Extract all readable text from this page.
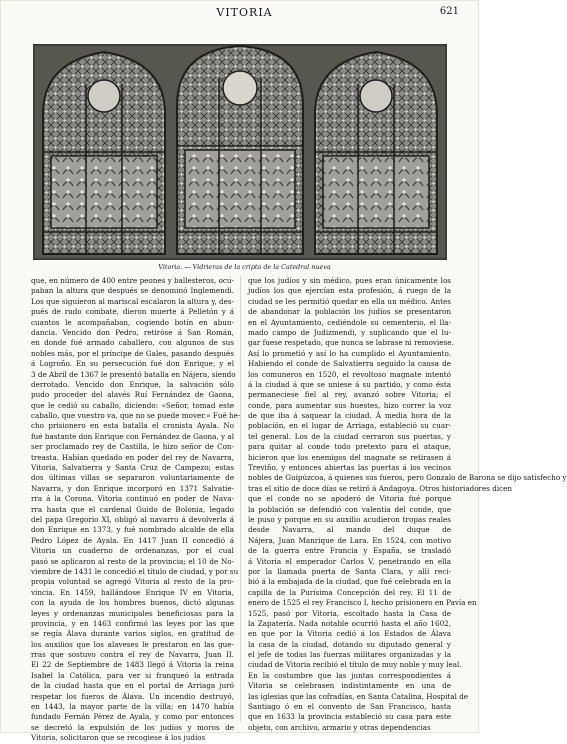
VITORIA	621
Vitoria. — Vidrieras de la cripta de la Catedral nueva
que, en número de 400 entre peones y ballesteros, ocu-
paban la altura que después se denominó Inglemendi.
Los que siguieron al mariscal escalaron la altura y, des-
pués de rudo combate, dieron muerte á Pelletón y á
cuantos le acompañaban, cogiendo botín en abun-
dancia. Vencido don Pedro, retiróse á San Román,
en donde fué armado caballero, con algunos de sus
nobles más, por el príncipe de Gales, pasando después
á Logroño. En su persecución fué don Enrique, y el
3 de Abril de 1367 le presentó batalla en Nájera, siendo
derrotado. Vencido don Enrique, la salvación sólo
pudo proceder del alavés Ruí Fernández de Gaona,
que le cedió su caballo, diciendo: «Señor, tomad este
caballo, que vuestro va, que no se puede mover.» Fué he-
cho prisionero en esta batalla el cronista Ayala. No
fué bastante don Enrique con Fernández de Gaona, y al
ser proclamado rey de Castilla, le hizo señor de Con-
treasta. Habían quedado en poder del rey de Navarra,
Vitoria, Salvatierra y Santa Cruz de Campezo; estas
dos últimas villas se separaron voluntariamente de
Navarra, y don Enrique incorporó en 1371 Salvatie-
rra á la Corona. Vitoria continuó en poder de Nava-
rra hasta que el cardenal Guido de Bolonia, legado
del papa Gregorio XI, obligó al navarro á devolverla á
don Enrique en 1373, y fué nombrado alcalde de ella
Pedro López de Ayala. En 1417 Juan II concedió á
Vitoria un cuaderno de ordenanzas, por el cual
pasó se aplicaron al resto de la provincia; el 10 de No-
viembre de 1431 le concedió el título de ciudad, y por su
propia voluntad se agregó Vitoria al resto de la pro-
vincia. En 1459, hallándose Enrique IV en Vitoria,
con la ayuda de los hombres buenos, dictó algunas
leyes y ordenanzas municipales beneficiosas para la
provincia, y en 1463 confirmó las leyes por las que
se regía Álava durante varios siglos, en gratitud de
los auxilios que los alaveses le prestaron en las gue-
rras que sostuvo contra el rey de Navarra, Juan II.
El 22 de Septiembre de 1483 llegó á Vitoria la reina
Isabel la Católica, para ver si franqueó la entrada
de la ciudad hasta que en el portal de Arriaga juró
respetar los fueros de Álava. Un incendio destruyó,
en 1443, la mayor parte de la villa; en 1470 había
fundado Fernán Pérez de Ayala, y como por entonces
se decretó la expulsión de los judíos y moros de
Vitoria, solicitaron que se recogiese á los judíos
que los judíos y sin médico, pues eran únicamente los
judíos los que ejercían esta profesión, á ruego de la
ciudad se les permitió quedar en ella un médico. Antes
de abandonar la población los judíos se presentaron
en el Ayuntamiento, cediéndole su cementerio, el lla-
mado campo de Judizmendi, y suplicando que el lu-
gar fuese respetado, que nunca se labrase ni removiese.
Así lo prometió y así lo ha cumplido el Ayuntamiento.
Habiendo el conde de Salvatierra seguido la causa de
los comuneros en 1520, el revoltoso magnate intentó
á la ciudad á que se uniese á su partido, y como ésta
permaneciese fiel al rey, avanzó sobre Vitoria; el
conde, para aumentar sus huestes, hizo correr la voz
de que iba á saquear la ciudad. Á media hora de la
población, en el lugar de Arriaga, estableció su cuar-
tel general. Los de la ciudad cerraron sus puertas, y
para quitar al conde todo pretexto para el ataque,
hicieron que los enemigos del magnate se retirasen á
Treviño, y entonces abiertas las puertas á los vecinos
nobles de Guipúzcoa, á quienes sus fueros, pero Gonzalo de Barona se dijo satisfecho y
tras el sitio de doce días se retiró á Andagoya. Otros historiadores dicen
que el conde no se apoderó de Vitoria fué porque
la población se defendió con valentía del conde, que
le puso y porque en su auxilio acudieron tropas reales
desde Navarra, al mando del duque de
Nájera, Juan Manrique de Lara. En 1524, con motivo
de la guerra entre Francia y España, se trasladó
á Vitoria el emperador Carlos V, penetrando en ella
por la llamada puerta de Santa Clara, y allí reci-
bió á la embajada de la ciudad, que fué celebrada en la
capilla de la Purísima Concepción del rey. El 11 de
enero de 1525 el rey Francisco I, hecho prisionero en Pavía en
1525, pasó por Vitoria, escoltado hasta la Casa de
la Zapatería. Nada notable ocurrió hasta el año 1602,
en que por la Vitoria cedió á los Estados de Álava
la casa de la ciudad, dotando su diputado general y
el jefe de todas las fuerzas militares organizadas y la
ciudad de Vitoria recibió el título de muy noble y muy leal.
En la costumbre que las juntas correspondientes á
Vitoria se celebrasen indistintamente en una de
las iglesias que las cofradías, en Santa Catalina, Hospital de
Santiago ó en el convento de San Francisco, hasta
que en 1633 la provincia estableció su casa para este
objeto, con archivo, armario y otras dependencias
